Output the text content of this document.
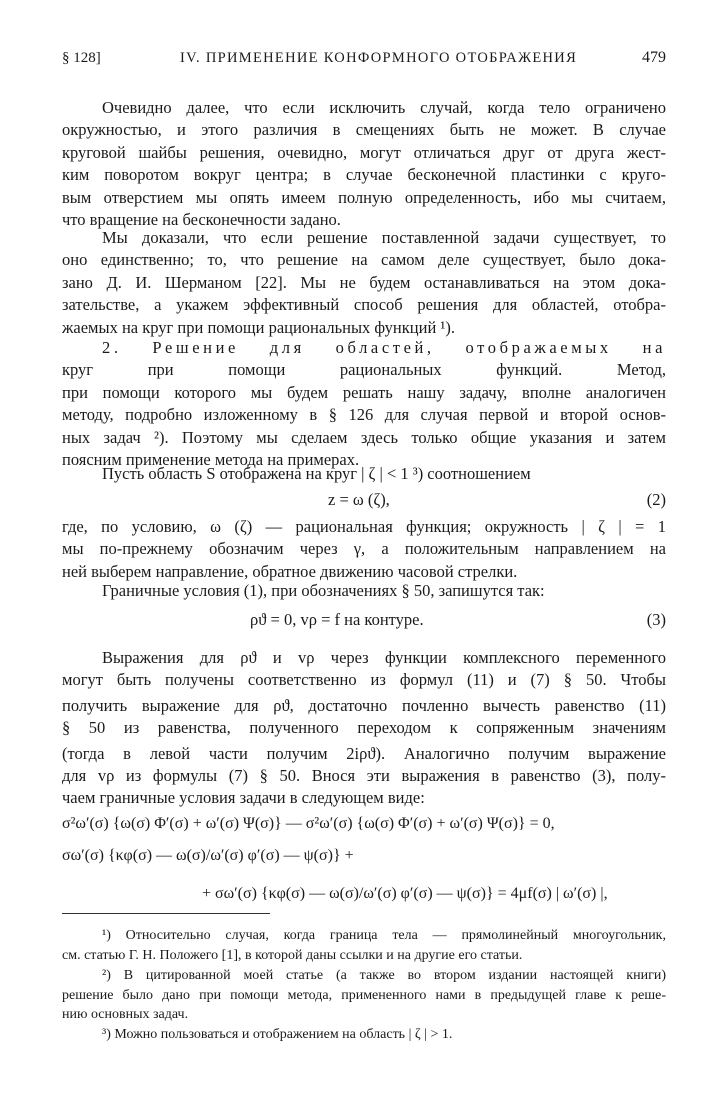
§ 128]	IV. ПРИМЕНЕНИЕ КОНФОРМНОГО ОТОБРАЖЕНИЯ	479
Очевидно далее, что если исключить случай, когда тело ограничено
окружностью, и этого различия в смещениях быть не может. В случае
круговой шайбы решения, очевидно, могут отличаться друг от друга жест-
ким поворотом вокруг центра; в случае бесконечной пластинки с круго-
вым отверстием мы опять имеем полную определенность, ибо мы считаем,
что вращение на бесконечности задано.
Мы доказали, что если решение поставленной задачи существует, то
оно единственно; то, что решение на самом деле существует, было дока-
зано Д. И. Шерманом [22]. Мы не будем останавливаться на этом дока-
зательстве, а укажем эффективный способ решения для областей, отобра-
жаемых на круг при помощи рациональных функций ¹).
2. Решение для областей, отображаемых на
круг при помощи рациональных функций. Метод,
при помощи которого мы будем решать нашу задачу, вполне аналогичен
методу, подробно изложенному в § 126 для случая первой и второй основ-
ных задач ²). Поэтому мы сделаем здесь только общие указания и затем
поясним применение метода на примерах.
Пусть область S отображена на круг | ζ | < 1 ³) соотношением
z = ω (ζ),	(2)
где, по условию, ω (ζ) — рациональная функция; окружность | ζ | = 1
мы по-прежнему обозначим через γ, а положительным направлением на
ней выберем направление, обратное движению часовой стрелки.
Граничные условия (1), при обозначениях § 50, запишутся так:
ρϑ = 0, vρ = f на контуре.	(3)
Выражения для ρϑ и vρ через функции комплексного переменного
могут быть получены соответственно из формул (11) и (7) § 50. Чтобы
получить выражение для ρϑ, достаточно почленно вычесть равенство (11)
§ 50 из равенства, полученного переходом к сопряженным значениям
(тогда в левой части получим 2iρϑ). Аналогично получим выражение
для vρ из формулы (7) § 50. Внося эти выражения в равенство (3), полу-
чаем граничные условия задачи в следующем виде:
σ²ω′(σ) {ω(σ) Φ′(σ) + ω′(σ) Ψ(σ)} — σ²ω′(σ) {ω(σ) Φ′(σ) + ω′(σ) Ψ(σ)} = 0,
σω′(σ) {κφ(σ) — ω(σ)/ω′(σ) φ′(σ) — ψ(σ)} +
+ σω′(σ) {κφ(σ) — ω(σ)/ω′(σ) φ′(σ) — ψ(σ)} = 4μf(σ) | ω′(σ) |,
¹) Относительно случая, когда граница тела — прямолинейный многоугольник,
см. статью Г. Н. Положего [1], в которой даны ссылки и на другие его статьи.
²) В цитированной моей статье (а также во втором издании настоящей книги)
решение было дано при помощи метода, примененного нами в предыдущей главе к реше-
нию основных задач.
³) Можно пользоваться и отображением на область | ζ | > 1.
